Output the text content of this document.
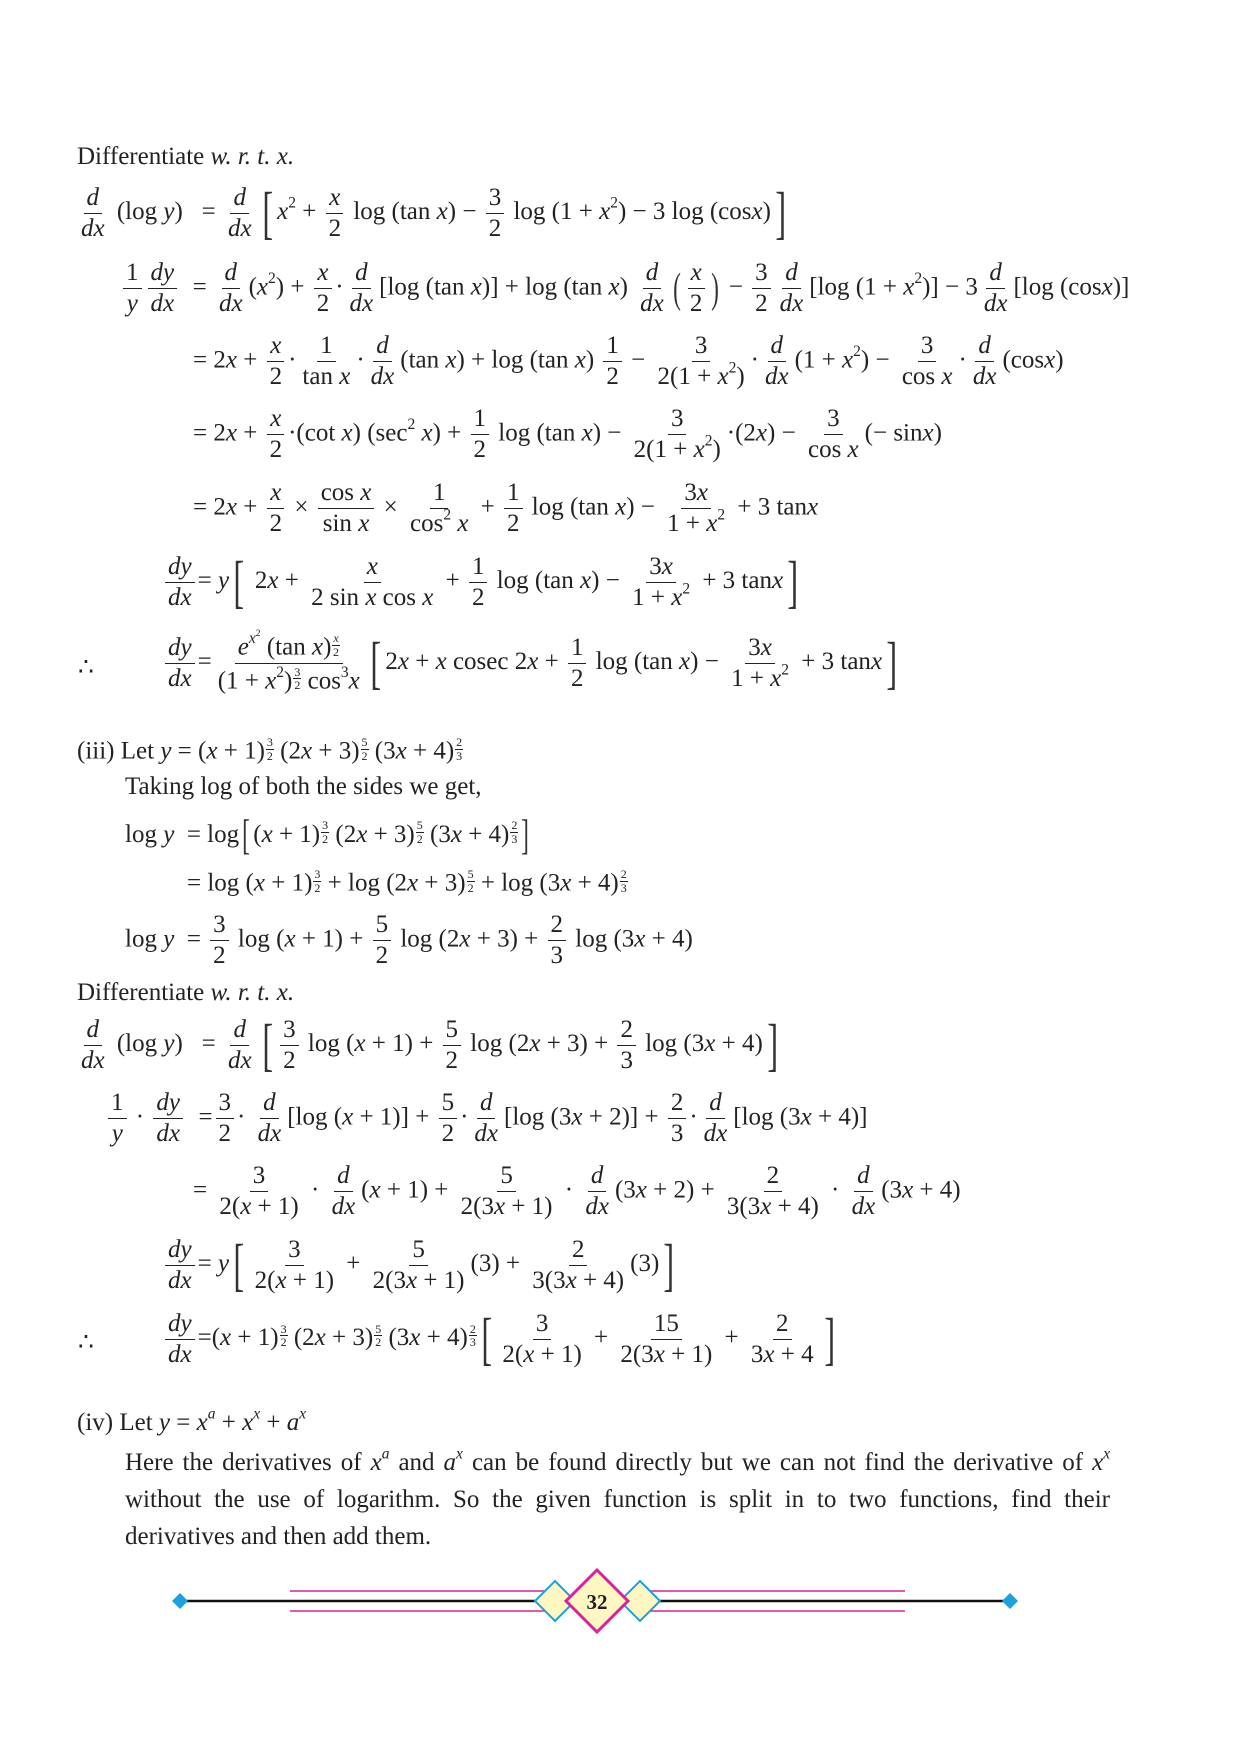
Differentiate w. r. t. x.
$\frac{d}{dx} (\log$ $y) = \frac{d}{dx}$ [ $x^2 + \frac{x}{2}$ log (tan $x) - \frac{3}{2}$ $\log (1 + x^2) - 3$ log (cosx)]
$\frac{1}{y} \frac{dy}{dx} = \frac{d}{dx} (x^2) + \frac{x}{2} \cdot \frac{d}{dx} [\log$ (tan x)] + log (tan $x) \frac{d}{dx}$ ( $\frac{x}{2}$ ) − $\frac{3}{2} \frac{d}{dx} [\log$ $(1 + x^2)] - 3 \frac{d}{dx} [\log$ (cosx)]
= $2x + \frac{x}{2} \cdot \frac{1}{\text{tan x}} \cdot \frac{d}{dx} (\tan$ x) + log (tan $x) \frac{1}{2} - \frac{3}{2(1 + x^2)} \cdot \frac{d}{dx} (1 + x^2) - \frac{3}{\text{cos x}} \cdot \frac{d}{dx} (\cos x)$
= $2x + \frac{x}{2} \cdot(\cot$ x) ($\sec^2$ $x) + \frac{1}{2}$ log (tan $x) - \frac{3}{2(1 + x^2)} \cdot(2x) - \frac{3}{\text{cos x}}$ (− sinx)
= $2x + \frac{x}{2} \times \frac{\text{cos x}}{\text{sin x}} \times \frac{1}{\cos^2 x} + \frac{1}{2}$ log (tan $x) - \frac{3x}{1 + x^2} + 3$ tanx
$\frac{dy}{dx} = y$[ $2x + \frac{x}{\text{2 sin x cos x}} + \frac{1}{2}$ log (tan $x) - \frac{3x}{1 + x^2} + 3$ tanx]
∴	$\frac{dy}{dx} = \frac{e^{x^2} (\tan x) \frac{x}{2}}{(1 + x^2) \frac{3}{2} \cos^3x}$ [ 2x + x cosec $2x + \frac{1}{2}$ log (tan $x) - \frac{3x}{1 + x^2} + 3$ tanx]
(iii) Let $y = (x + 1) \frac{3}{2} (2x + 3) \frac{5}{2} (3x + 4) \frac{2}{3}$
Taking log of both the sides we get,
log y  = log[ $(x + 1) \frac{3}{2} (2x + 3) \frac{5}{2} (3x + 4) \frac{2}{3}$ ]
= $\log (x + 1) \frac{3}{2} + \log (2x + 3) \frac{5}{2} + \log (3x + 4) \frac{2}{3}$
$\log y = \frac{3}{2}$ $\log (x + 1) + \frac{5}{2}$ $\log (2x + 3) + \frac{2}{3}$ log (3x + 4)
Differentiate w. r. t. x.
$\frac{d}{dx} (\log$ $y) = \frac{d}{dx}$ [ $\frac{3}{2}$ $\log (x + 1) + \frac{5}{2}$ $\log (2x + 3) + \frac{2}{3}$ log (3x + 4)]
$\frac{1}{y} \cdot \frac{dy}{dx} = \frac{3}{2} \cdot \frac{d}{dx} [\log$ $(x + 1)] + \frac{5}{2} \cdot \frac{d}{dx} [\log$ $(3x + 2)] + \frac{2}{3} \cdot \frac{d}{dx} [\log$ (3x + 4)]
= $\frac{3}{2(x + 1)} \cdot \frac{d}{dx} (x + 1) + \frac{5}{2(3x + 1)} \cdot \frac{d}{dx} (3x + 2) + \frac{2}{3(3x + 4)} \cdot \frac{d}{dx} (3x + 4)$
$\frac{dy}{dx} = y[ \frac{3}{2(x + 1)} + \frac{5}{2(3x + 1)} (3) + \frac{2}{3(3x + 4)} (3)]$
∴	$\frac{dy}{dx} =(x + 1) \frac{3}{2} (2x + 3) \frac{5}{2} (3x + 4) \frac{2}{3}$ [ $\frac{3}{2(x + 1)} + \frac{15}{2(3x + 1)} + \frac{2}{3x + 4}$ ]
(iv) Let $y = x^a + x^x + a^x$
Here the derivatives of $x^a$ and $a^x$ can be found directly but we can not find the derivative of $x^x$ without the use of logarithm. So the given function is split in to two functions, find their derivatives and then add them.
32
